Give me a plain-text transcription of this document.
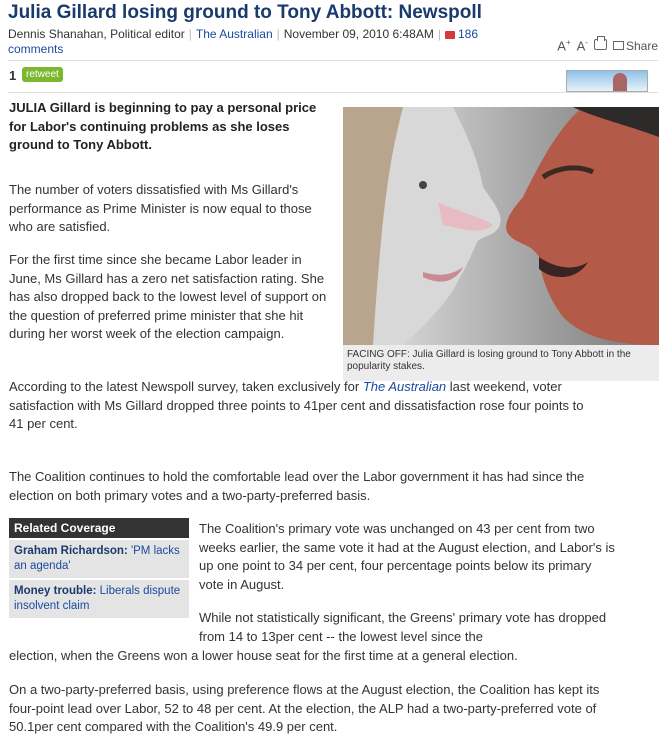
Julia Gillard losing ground to Tony Abbott: Newspoll
Dennis Shanahan, Political editor | The Australian | November 09, 2010 6:48AM | 186
comments	A+ A-	Share
1 retweet
FACING OFF: Julia Gillard is losing ground to Tony Abbott in the popularity stakes.

JULIA Gillard is beginning to pay a personal price for Labor's continuing problems as she loses ground to Tony Abbott.

The number of voters dissatisfied with Ms Gillard's performance as Prime Minister is now equal to those who are satisfied.

For the first time since she became Labor leader in June, Ms Gillard has a zero net satisfaction rating. She has also dropped back to the lowest level of support on the question of preferred prime minister that she hit during her worst week of the election campaign.

According to the latest Newspoll survey, taken exclusively for The Australian last weekend, voter satisfaction with Ms Gillard dropped three points to 41per cent and dissatisfaction rose four points to 41 per cent.

The Coalition continues to hold the comfortable lead over the Labor government it has had since the election on both primary votes and a two-party-preferred basis.

Related Coverage
Graham Richardson: 'PM lacks an agenda'
Money trouble: Liberals dispute insolvent claim

The Coalition's primary vote was unchanged on 43 per cent from two weeks earlier, the same vote it had at the August election, and Labor's is up one point to 34 per cent, four percentage points below its primary vote in August.

While not statistically significant, the Greens' primary vote has dropped from 14 to 13per cent -- the lowest level since the

election, when the Greens won a lower house seat for the first time at a general election.

On a two-party-preferred basis, using preference flows at the August election, the Coalition has kept its four-point lead over Labor, 52 to 48 per cent. At the election, the ALP had a two-party-preferred vote of 50.1per cent compared with the Coalition's 49.9 per cent.
